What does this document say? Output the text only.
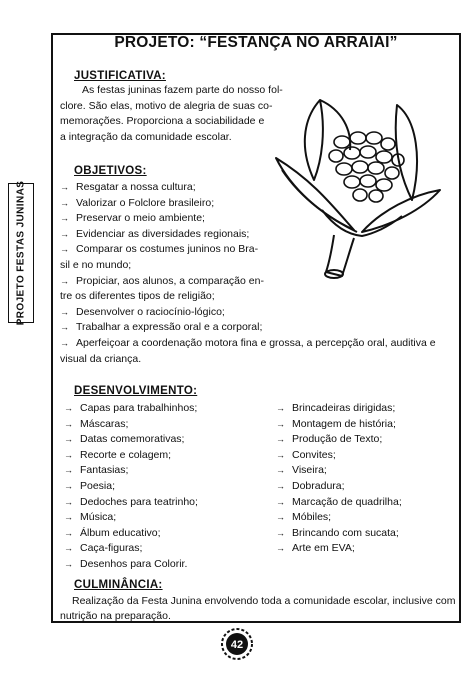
PROJETO FESTAS JUNINAS
PROJETO: “FESTANÇA NO ARRAIÁI”
JUSTIFICATIVA:
As festas juninas fazem parte do nosso fol-
clore. São elas, motivo de alegria de suas co-
memorações. Proporciona a sociabilidade e
a integração da comunidade escolar.
OBJETIVOS:
→ Resgatar a nossa cultura;
→ Valorizar o Folclore brasileiro;
→ Preservar o meio ambiente;
→ Evidenciar as diversidades regionais;
→ Comparar os costumes juninos no Bra-
sil e no mundo;
→ Propiciar, aos alunos, a comparação en-
tre os diferentes tipos de religião;
→ Desenvolver o raciocínio-lógico;
→ Trabalhar a expressão oral e a corporal;
→ Aperfeiçoar a coordenação motora fina e grossa, a percepção oral, auditiva e
visual da criança.
DESENVOLVIMENTO:
→ Capas para trabalhinhos;
→ Máscaras;
→ Datas comemorativas;
→ Recorte e colagem;
→ Fantasias;
→ Poesia;
→ Dedoches para teatrinho;
→ Música;
→ Álbum educativo;
→ Caça-figuras;
→ Desenhos para Colorir.
→ Brincadeiras dirigidas;
→ Montagem de história;
→ Produção de Texto;
→ Convites;
→ Viseira;
→ Dobradura;
→ Marcação de quadrilha;
→ Móbiles;
→ Brincando com sucata;
→ Arte em EVA;
CULMINÂNCIA:
Realização da Festa Junina envolvendo toda a comunidade escolar, inclusive com
nutrição na preparação.
42
